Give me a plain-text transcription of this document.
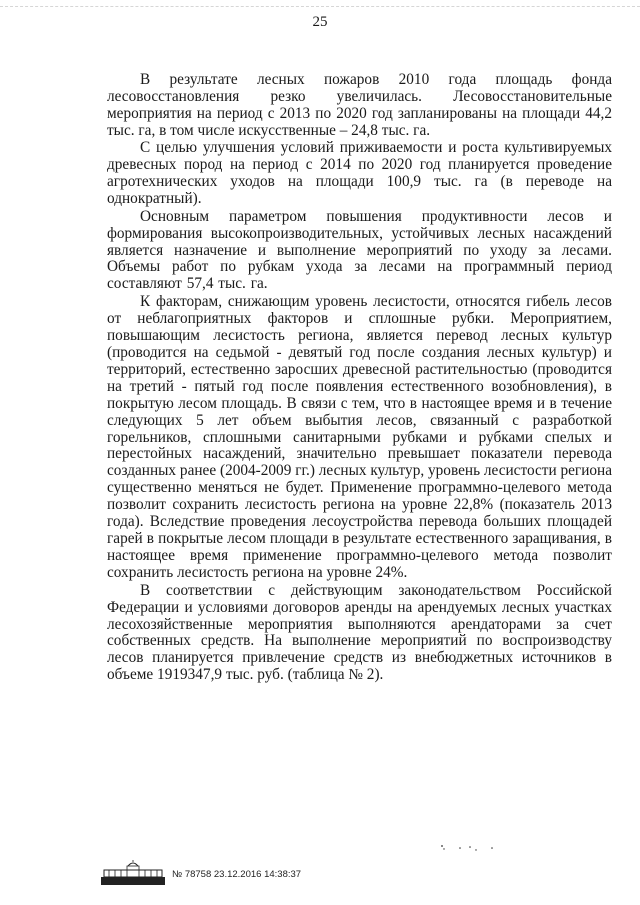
25

В результате лесных пожаров 2010 года площадь фонда лесовосстановления резко увеличилась. Лесовосстановительные мероприятия на период с 2013 по 2020 год запланированы на площади 44,2 тыс. га, в том числе искусственные – 24,8 тыс. га.

С целью улучшения условий приживаемости и роста культивируемых древесных пород на период с 2014 по 2020 год планируется проведение агротехнических уходов на площади 100,9 тыс. га (в переводе на однократный).

Основным параметром повышения продуктивности лесов и формирования высокопроизводительных, устойчивых лесных насаждений является назначение и выполнение мероприятий по уходу за лесами. Объемы работ по рубкам ухода за лесами на программный период составляют 57,4 тыс. га.

К факторам, снижающим уровень лесистости, относятся гибель лесов от неблагоприятных факторов и сплошные рубки. Мероприятием, повышающим лесистость региона, является перевод лесных культур (проводится на седьмой - девятый год после создания лесных культур) и территорий, естественно заросших древесной растительностью (проводится на третий - пятый год после появления естественного возобновления), в покрытую лесом площадь. В связи с тем, что в настоящее время и в течение следующих 5 лет объем выбытия лесов, связанный с разработкой горельников, сплошными санитарными рубками и рубками спелых и перестойных насаждений, значительно превышает показатели перевода созданных ранее (2004-2009 гг.) лесных культур, уровень лесистости региона существенно меняться не будет. Применение программно-целевого метода позволит сохранить лесистость региона на уровне 22,8% (показатель 2013 года). Вследствие проведения лесоустройства перевода больших площадей гарей в покрытые лесом площади в результате естественного заращивания, в настоящее время применение программно-целевого метода позволит сохранить лесистость региона на уровне 24%.

В соответствии с действующим законодательством Российской Федерации и условиями договоров аренды на арендуемых лесных участках лесохозяйственные мероприятия выполняются арендаторами за счет собственных средств. На выполнение мероприятий по воспроизводству лесов планируется привлечение средств из внебюджетных источников в объеме 1919347,9 тыс. руб. (таблица № 2).

ПРАВИТЕЛЬСТВО	№ 78758 23.12.2016 14:38:37
